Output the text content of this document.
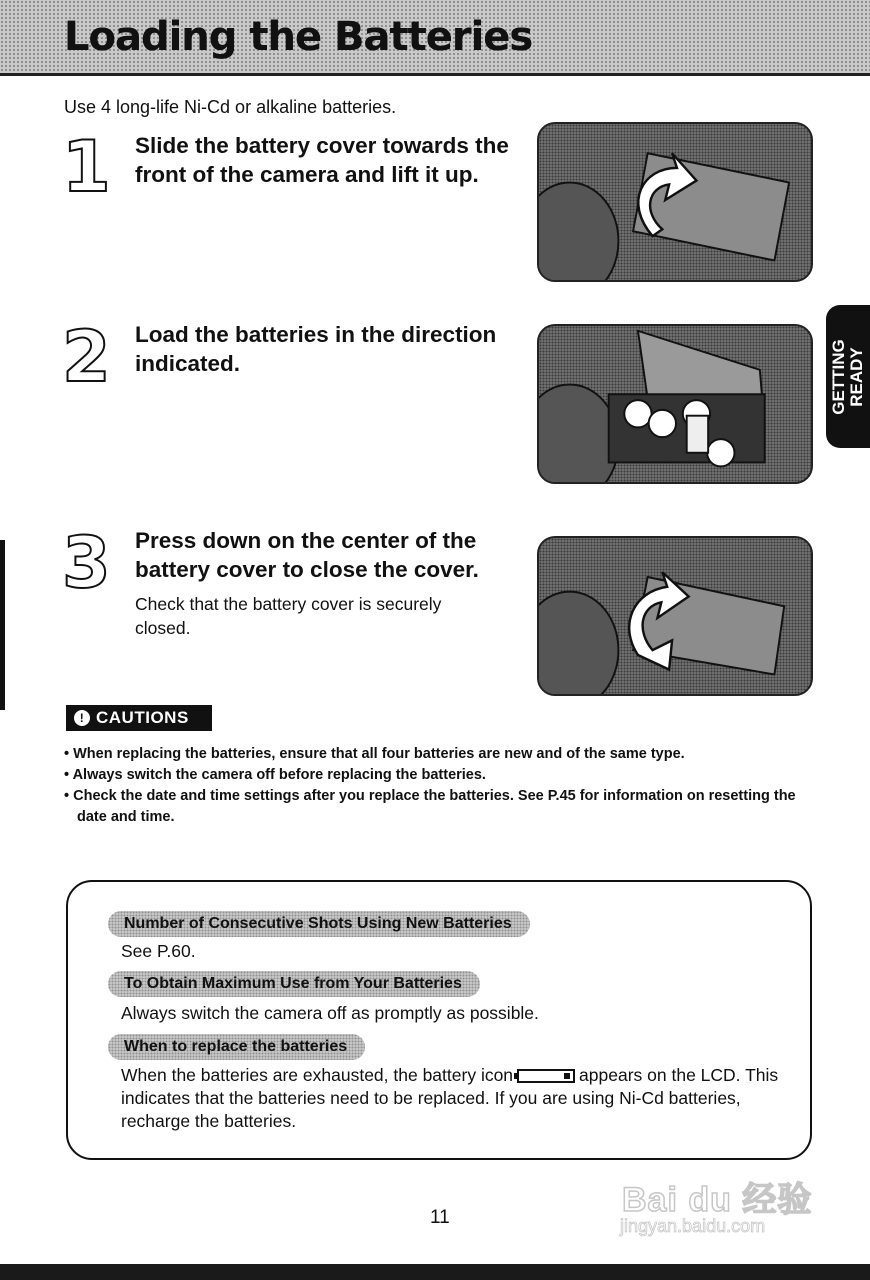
Loading the Batteries

Use 4 long-life Ni-Cd or alkaline batteries.

1 Slide the battery cover towards the front of the camera and lift it up.
2 Load the batteries in the direction indicated.	GETTING
READY
3 Press down on the center of the battery cover to close the cover.
Check that the battery cover is securely closed.
! CAUTIONS
• When replacing the batteries, ensure that all four batteries are new and of the same type.
• Always switch the camera off before replacing the batteries.
• Check the date and time settings after you replace the batteries. See P.45 for information on resetting the date and time.
Number of Consecutive Shots Using New Batteries
See P.60.
To Obtain Maximum Use from Your Batteries
Always switch the camera off as promptly as possible.
When to replace the batteries
When the batteries are exhausted, the battery icon	appears on the LCD. This indicates that the batteries need to be replaced. If you are using Ni-Cd batteries, recharge the batteries.
11	Bai du 经验
jingyan.baidu.com
